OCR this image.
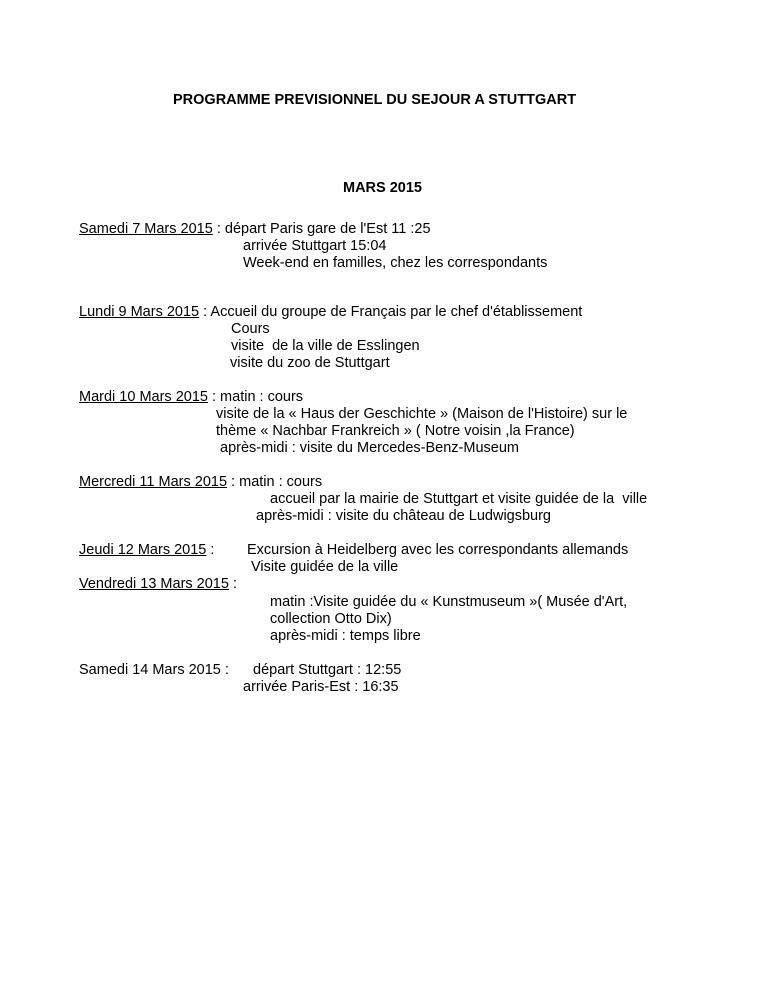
PROGRAMME PREVISIONNEL DU SEJOUR A STUTTGART
MARS 2015
Samedi 7 Mars 2015 : départ Paris gare de l'Est 11 :25
arrivée Stuttgart 15:04
Week-end en familles, chez les correspondants
Lundi 9 Mars 2015 : Accueil du groupe de Français par le chef d'établissement
Cours
visite  de la ville de Esslingen
visite du zoo de Stuttgart
Mardi 10 Mars 2015 : matin : cours
visite de la « Haus der Geschichte » (Maison de l'Histoire) sur le
thème « Nachbar Frankreich » ( Notre voisin ,la France)
après-midi : visite du Mercedes-Benz-Museum
Mercredi 11 Mars 2015 : matin : cours
accueil par la mairie de Stuttgart et visite guidée de la  ville
après-midi : visite du château de Ludwigsburg
Jeudi 12 Mars 2015 : Excursion à Heidelberg avec les correspondants allemands
Visite guidée de la ville
Vendredi 13 Mars 2015 :
matin :Visite guidée du « Kunstmuseum »( Musée d'Art,
collection Otto Dix)
après-midi : temps libre
Samedi 14 Mars 2015 : départ Stuttgart : 12:55
arrivée Paris-Est : 16:35
